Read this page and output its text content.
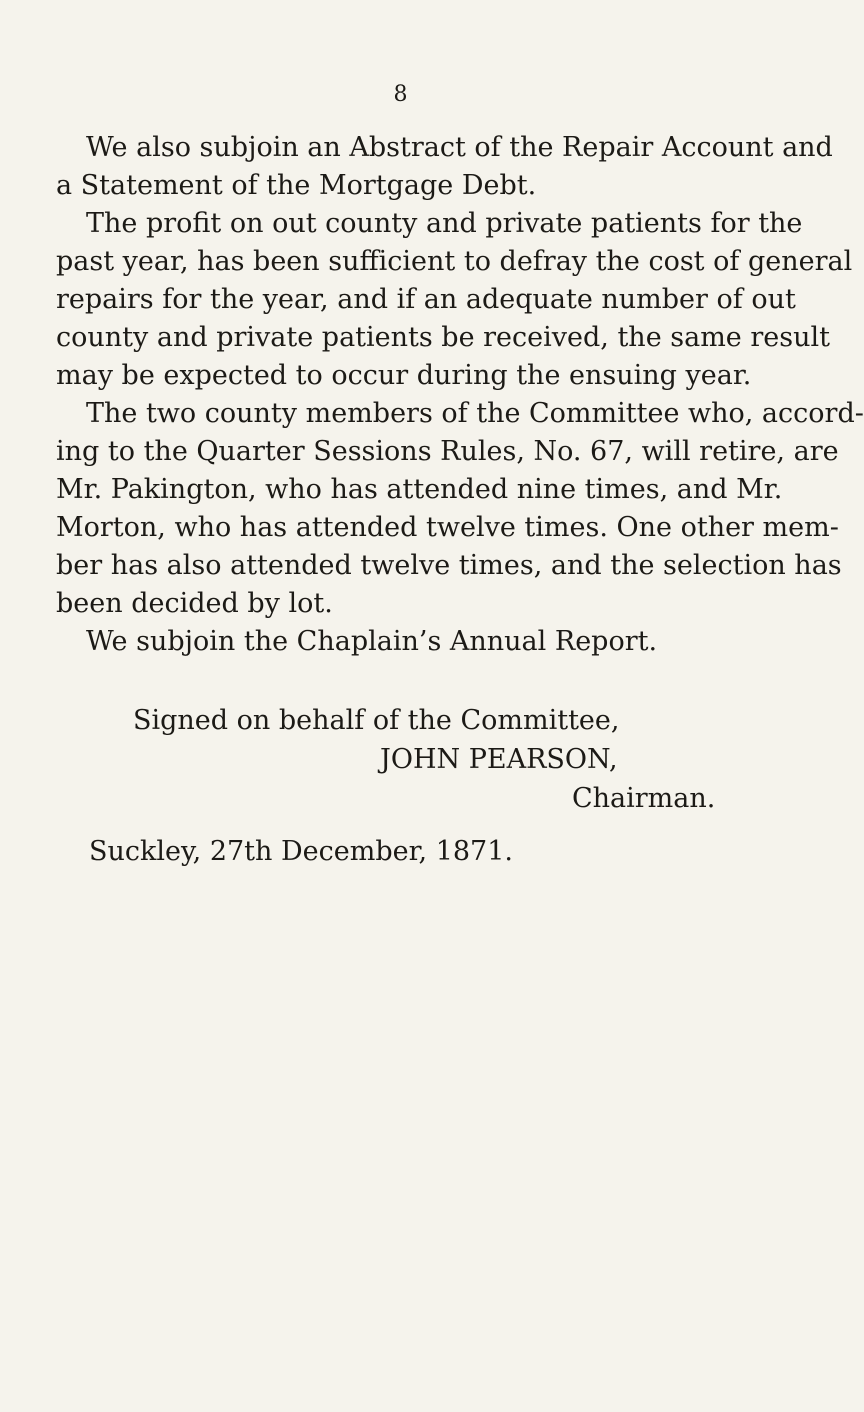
8
We also subjoin an Abstract of the Repair Account and
a Statement of the Mortgage Debt.
The profit on out county and private patients for the
past year, has been sufficient to defray the cost of general
repairs for the year, and if an adequate number of out
county and private patients be received, the same result
may be expected to occur during the ensuing year.
The two county members of the Committee who, accord-
ing to the Quarter Sessions Rules, No. 67, will retire, are
Mr. Pakington, who has attended nine times, and Mr.
Morton, who has attended twelve times. One other mem-
ber has also attended twelve times, and the selection has
been decided by lot.
We subjoin the Chaplain’s Annual Report.
Signed on behalf of the Committee,
JOHN PEARSON,
Chairman.
Suckley, 27th December, 1871.
